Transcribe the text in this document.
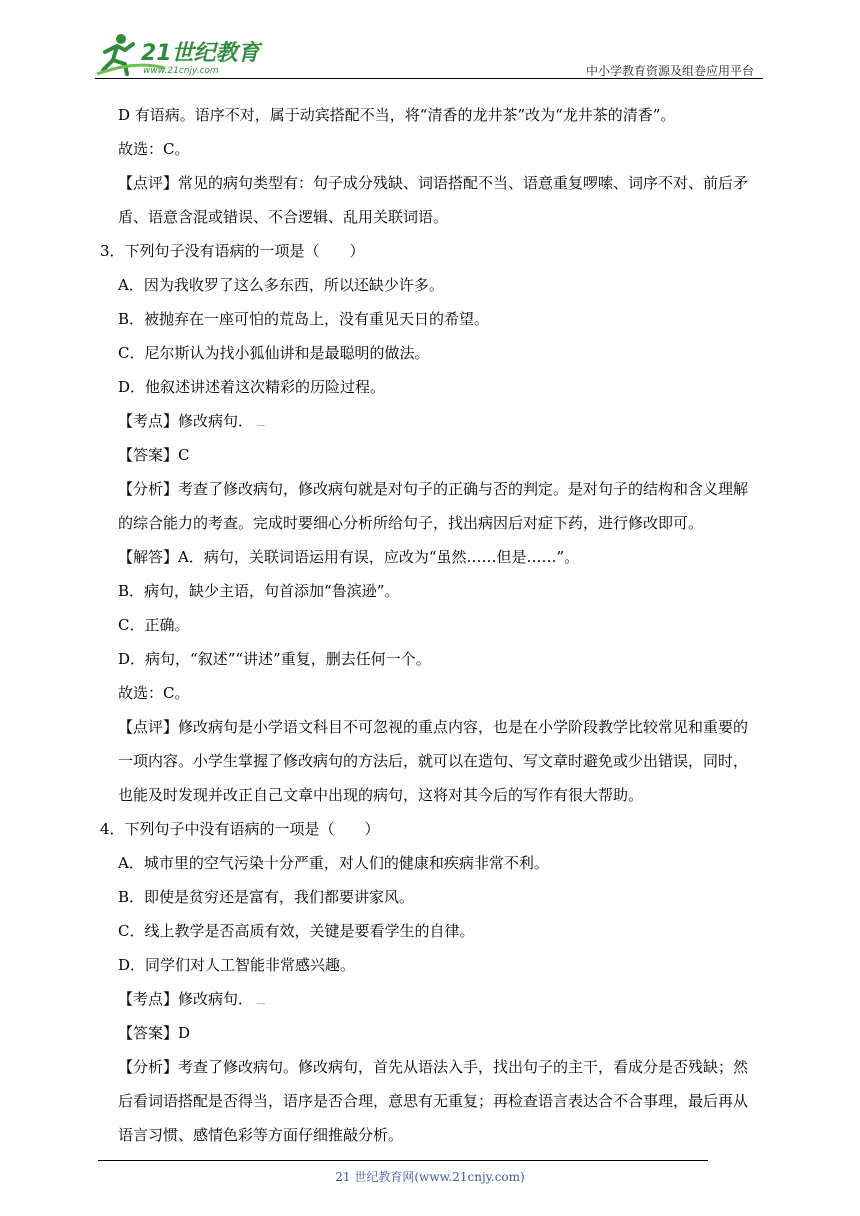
21世纪教育
www.21cnjy.com	中小学教育资源及组卷应用平台
D 有语病。语序不对，属于动宾搭配不当，将“清香的龙井茶”改为“龙井茶的清香”。
故选：C。
【点评】常见的病句类型有：句子成分残缺、词语搭配不当、语意重复啰嗦、词序不对、前后矛
盾、语意含混或错误、不合逻辑、乱用关联词语。
3．下列句子没有语病的一项是（　　）
A．因为我收罗了这么多东西，所以还缺少许多。
B．被抛弃在一座可怕的荒岛上，没有重见天日的希望。
C．尼尔斯认为找小狐仙讲和是最聪明的做法。
D．他叙述讲述着这次精彩的历险过程。
【考点】修改病句．
【答案】C
【分析】考查了修改病句，修改病句就是对句子的正确与否的判定。是对句子的结构和含义理解
的综合能力的考查。完成时要细心分析所给句子，找出病因后对症下药，进行修改即可。
【解答】A．病句，关联词语运用有误，应改为“虽然……但是……”。
B．病句，缺少主语，句首添加“鲁滨逊”。
C．正确。
D．病句，“叙述”“讲述”重复，删去任何一个。
故选：C。
【点评】修改病句是小学语文科目不可忽视的重点内容，也是在小学阶段教学比较常见和重要的
一项内容。小学生掌握了修改病句的方法后，就可以在造句、写文章时避免或少出错误，同时，
也能及时发现并改正自己文章中出现的病句，这将对其今后的写作有很大帮助。
4．下列句子中没有语病的一项是（　　）
A．城市里的空气污染十分严重，对人们的健康和疾病非常不利。
B．即使是贫穷还是富有，我们都要讲家风。
C．线上教学是否高质有效，关键是要看学生的自律。
D．同学们对人工智能非常感兴趣。
【考点】修改病句．
【答案】D
【分析】考查了修改病句。修改病句，首先从语法入手，找出句子的主干，看成分是否残缺；然
后看词语搭配是否得当，语序是否合理，意思有无重复；再检查语言表达合不合事理，最后再从
语言习惯、感情色彩等方面仔细推敲分析。
21 世纪教育网(www.21cnjy.com)
